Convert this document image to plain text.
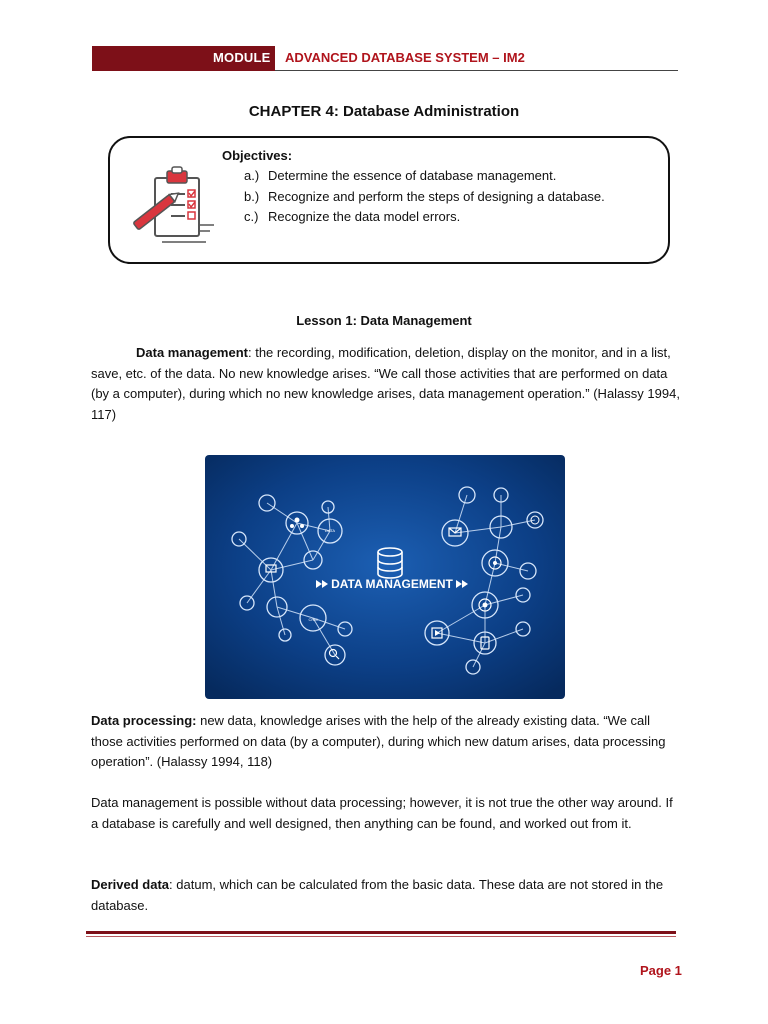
MODULE ADVANCED DATABASE SYSTEM – IM2
CHAPTER 4: Database Administration
Objectives:
a.) Determine the essence of database management.
b.) Recognize and perform the steps of designing a database.
c.) Recognize the data model errors.
Lesson 1: Data Management
Data management: the recording, modification, deletion, display on the monitor, and in a list, save, etc. of the data. No new knowledge arises. “We call those activities that are performed on data (by a computer), during which no new knowledge arises, data management operation.” (Halassy 1994, 117)
DATA
CRM
DATA MANAGEMENT
Data processing: new data, knowledge arises with the help of the already existing data. “We call those activities performed on data (by a computer), during which new datum arises, data processing operation”. (Halassy 1994, 118)
Data management is possible without data processing; however, it is not true the other way around. If a database is carefully and well designed, then anything can be found, and worked out from it.
Derived data: datum, which can be calculated from the basic data. These data are not stored in the database.
Page 1
